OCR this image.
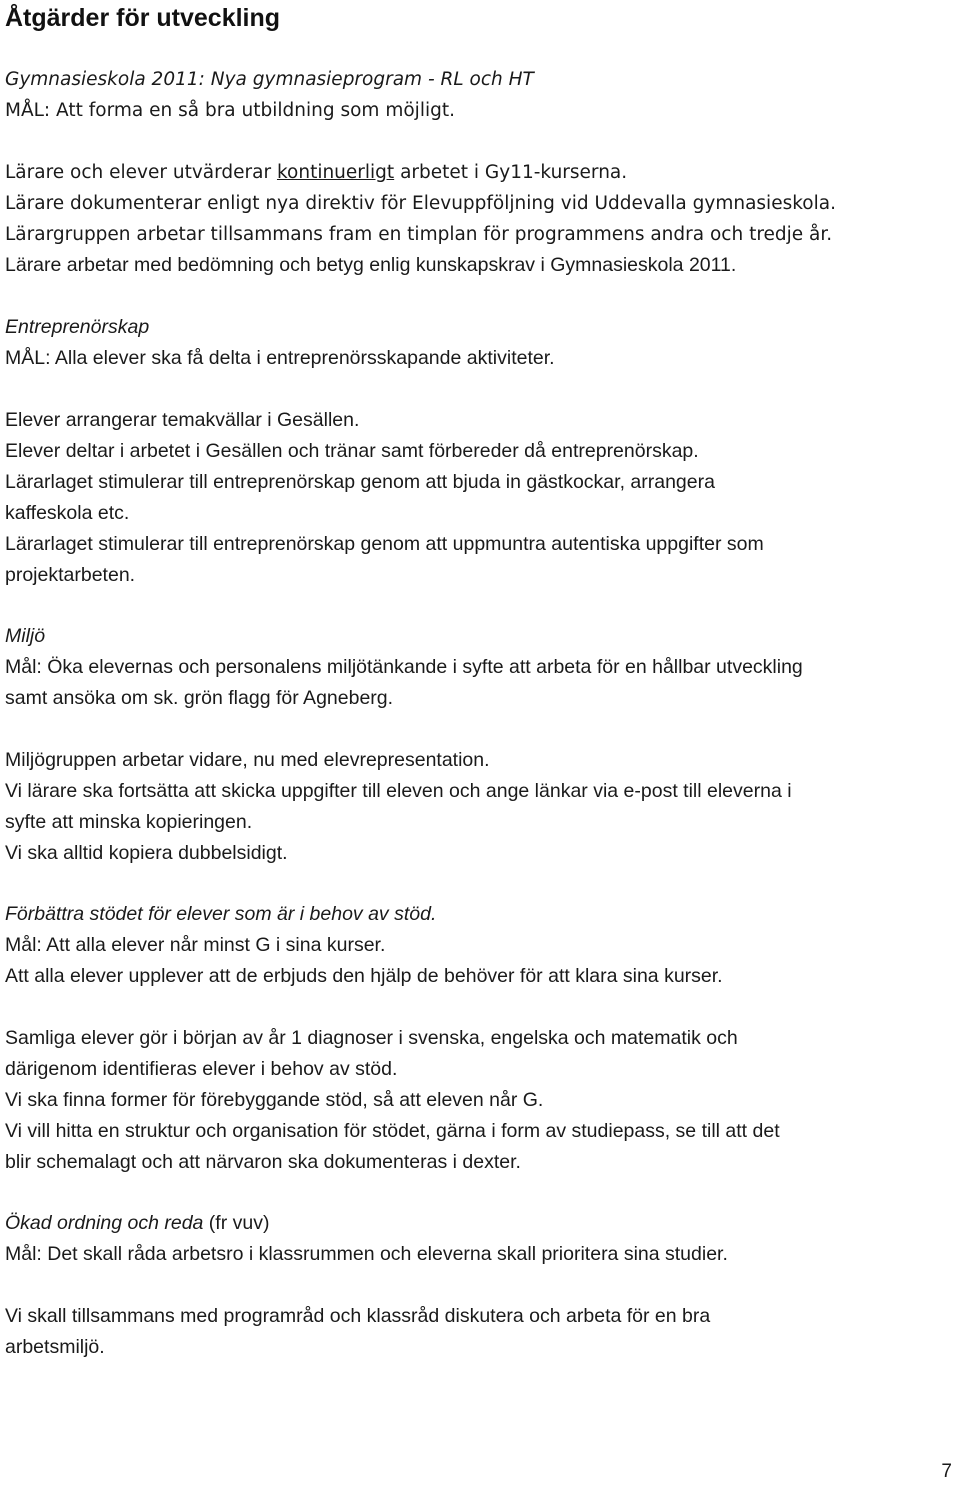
Åtgärder för utveckling
Gymnasieskola 2011: Nya gymnasieprogram - RL och HT
MÅL: Att forma en så bra utbildning som möjligt.
Lärare och elever utvärderar kontinuerligt arbetet i Gy11-kurserna.
Lärare dokumenterar enligt nya direktiv för Elevuppföljning vid Uddevalla gymnasieskola.
Lärargruppen arbetar tillsammans fram en timplan för programmens andra och tredje år.
Lärare arbetar med bedömning och betyg enlig kunskapskrav i Gymnasieskola 2011.
Entreprenörskap
MÅL: Alla elever ska få delta i entreprenörsskapande aktiviteter.
Elever arrangerar temakvällar i Gesällen.
Elever deltar i arbetet i Gesällen och tränar samt förbereder då entreprenörskap.
Lärarlaget stimulerar till entreprenörskap genom att bjuda in gästkockar, arrangera
kaffeskola etc.
Lärarlaget stimulerar till entreprenörskap genom att uppmuntra autentiska uppgifter som
projektarbeten.
Miljö
Mål: Öka elevernas och personalens miljötänkande i syfte att arbeta för en hållbar utveckling
samt ansöka om sk. grön flagg för Agneberg.
Miljögruppen arbetar vidare, nu med elevrepresentation.
Vi lärare ska fortsätta att skicka uppgifter till eleven och ange länkar via e-post till eleverna i
syfte att minska kopieringen.
Vi ska alltid kopiera dubbelsidigt.
Förbättra stödet för elever som är i behov av stöd.
Mål: Att alla elever når minst G i sina kurser.
Att alla elever upplever att de erbjuds den hjälp de behöver för att klara sina kurser.
Samliga elever gör i början av år 1 diagnoser i svenska, engelska och matematik och
därigenom identifieras elever i behov av stöd.
Vi ska finna former för förebyggande stöd, så att eleven når G.
Vi vill hitta en struktur och organisation för stödet, gärna i form av studiepass, se till att det
blir schemalagt och att närvaron ska dokumenteras i dexter.
Ökad ordning och reda (fr vuv)
Mål: Det skall råda arbetsro i klassrummen och eleverna skall prioritera sina studier.
Vi skall tillsammans med programråd och klassråd diskutera och arbeta för en bra
arbetsmiljö.
7
